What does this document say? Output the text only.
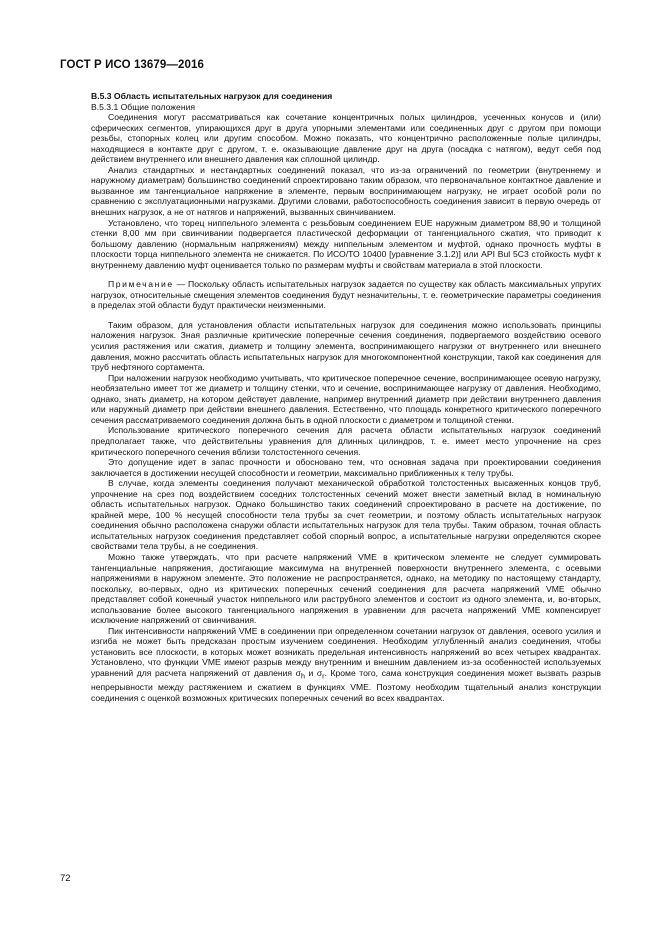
ГОСТ Р ИСО 13679—2016

B.5.3 Область испытательных нагрузок для соединения

B.5.3.1 Общие положения

Соединения могут рассматриваться как сочетание концентричных полых цилиндров, усеченных конусов и (или) сферических сегментов, упирающихся друг в друга упорными элементами или соединенных друг с другом при помощи резьбы, стопорных колец или другим способом. Можно показать, что концентрично расположенные полые цилиндры, находящиеся в контакте друг с другом, т. е. оказывающие давление друг на друга (посадка с натягом), ведут себя под действием внутреннего или внешнего давления как сплошной цилиндр.

Анализ стандартных и нестандартных соединений показал, что из-за ограничений по геометрии (внутреннему и наружному диаметрам) большинство соединений спроектировано таким образом, что первоначальное контактное давление и вызванное им тангенциальное напряжение в элементе, первым воспринимающем нагрузку, не играет особой роли по сравнению с эксплуатационными нагрузками. Другими словами, работоспособность соединения зависит в первую очередь от внешних нагрузок, а не от натягов и напряжений, вызванных свинчиванием.

Установлено, что торец ниппельного элемента с резьбовым соединением EUE наружным диаметром 88,90 и толщиной стенки 8,00 мм при свинчивании подвергается пластической деформации от тангенциального сжатия, что приводит к большому давлению (нормальным напряжениям) между ниппельным элементом и муфтой, однако прочность муфты в плоскости торца ниппельного элемента не снижается. По ИСО/ТО 10400 [уравнение 3.1.2)] или API Bul 5C3 стойкость муфт к внутреннему давлению муфт оценивается только по размерам муфты и свойствам материала в этой плоскости.

Примечание — Поскольку область испытательных нагрузок задается по существу как область максимальных упругих нагрузок, относительные смещения элементов соединения будут незначительны, т. е. геометрические параметры соединения в пределах этой области будут практически неизменными.

Таким образом, для установления области испытательных нагрузок для соединения можно использовать принципы наложения нагрузок. Зная различные критические поперечные сечения соединения, подвергаемого воздействию осевого усилия растяжения или сжатия, диаметр и толщину элемента, воспринимающего нагрузки от внутреннего или внешнего давления, можно рассчитать область испытательных нагрузок для многокомпонентной конструкции, такой как соединения для труб нефтяного сортамента.

При наложении нагрузок необходимо учитывать, что критическое поперечное сечение, воспринимающее осевую нагрузку, необязательно имеет тот же диаметр и толщину стенки, что и сечение, воспринимающее нагрузку от давления. Необходимо, однако, знать диаметр, на котором действует давление, например внутренний диаметр при действии внутреннего давления или наружный диаметр при действии внешнего давления. Естественно, что площадь конкретного критического поперечного сечения рассматриваемого соединения должна быть в одной плоскости с диаметром и толщиной стенки.

Использование критического поперечного сечения для расчета области испытательных нагрузок соединений предполагает также, что действительны уравнения для длинных цилиндров, т. е. имеет место упрочнение на срез критического поперечного сечения вблизи толстостенного сечения.

Это допущение идет в запас прочности и обосновано тем, что основная задача при проектировании соединения заключается в достижении несущей способности и геометрии, максимально приближенных к телу трубы.

В случае, когда элементы соединения получают механической обработкой толстостенных высаженных концов труб, упрочнение на срез под воздействием соседних толстостенных сечений может внести заметный вклад в номинальную область испытательных нагрузок. Однако большинство таких соединений спроектировано в расчете на достижение, по крайней мере, 100 % несущей способности тела трубы за счет геометрии, и поэтому область испытательных нагрузок соединения обычно расположена снаружи области испытательных нагрузок для тела трубы. Таким образом, точная область испытательных нагрузок соединения представляет собой спорный вопрос, а испытательные нагрузки определяются скорее свойствами тела трубы, а не соединения.

Можно также утверждать, что при расчете напряжений VME в критическом элементе не следует суммировать тангенциальные напряжения, достигающие максимума на внутренней поверхности внутреннего элемента, с осевыми напряжениями в наружном элементе. Это положение не распространяется, однако, на методику по настоящему стандарту, поскольку, во-первых, одно из критических поперечных сечений соединения для расчета напряжений VME обычно представляет собой конечный участок ниппельного или раструбного элементов и состоит из одного элемента, и, во-вторых, использование более высокого тангенциального напряжения в уравнении для расчета напряжений VME компенсирует исключение напряжений от свинчивания.

Пик интенсивности напряжений VME в соединении при определенном сочетании нагрузок от давления, осевого усилия и изгиба не может быть предсказан простым изучением соединения. Необходим углубленный анализ соединения, чтобы установить все плоскости, в которых может возникать предельная интенсивность напряжений во всех четырех квадрантах. Установлено, что функции VME имеют разрыв между внутренним и внешним давлением из-за особенностей используемых уравнений для расчета напряжений от давления $\sigma_h$ и $\sigma_r$. Кроме того, сама конструкция соединения может вызвать разрыв непрерывности между растяжением и сжатием в функциях VME. Поэтому необходим тщательный анализ конструкции соединения с оценкой возможных критических поперечных сечений во всех квадрантах.

72
